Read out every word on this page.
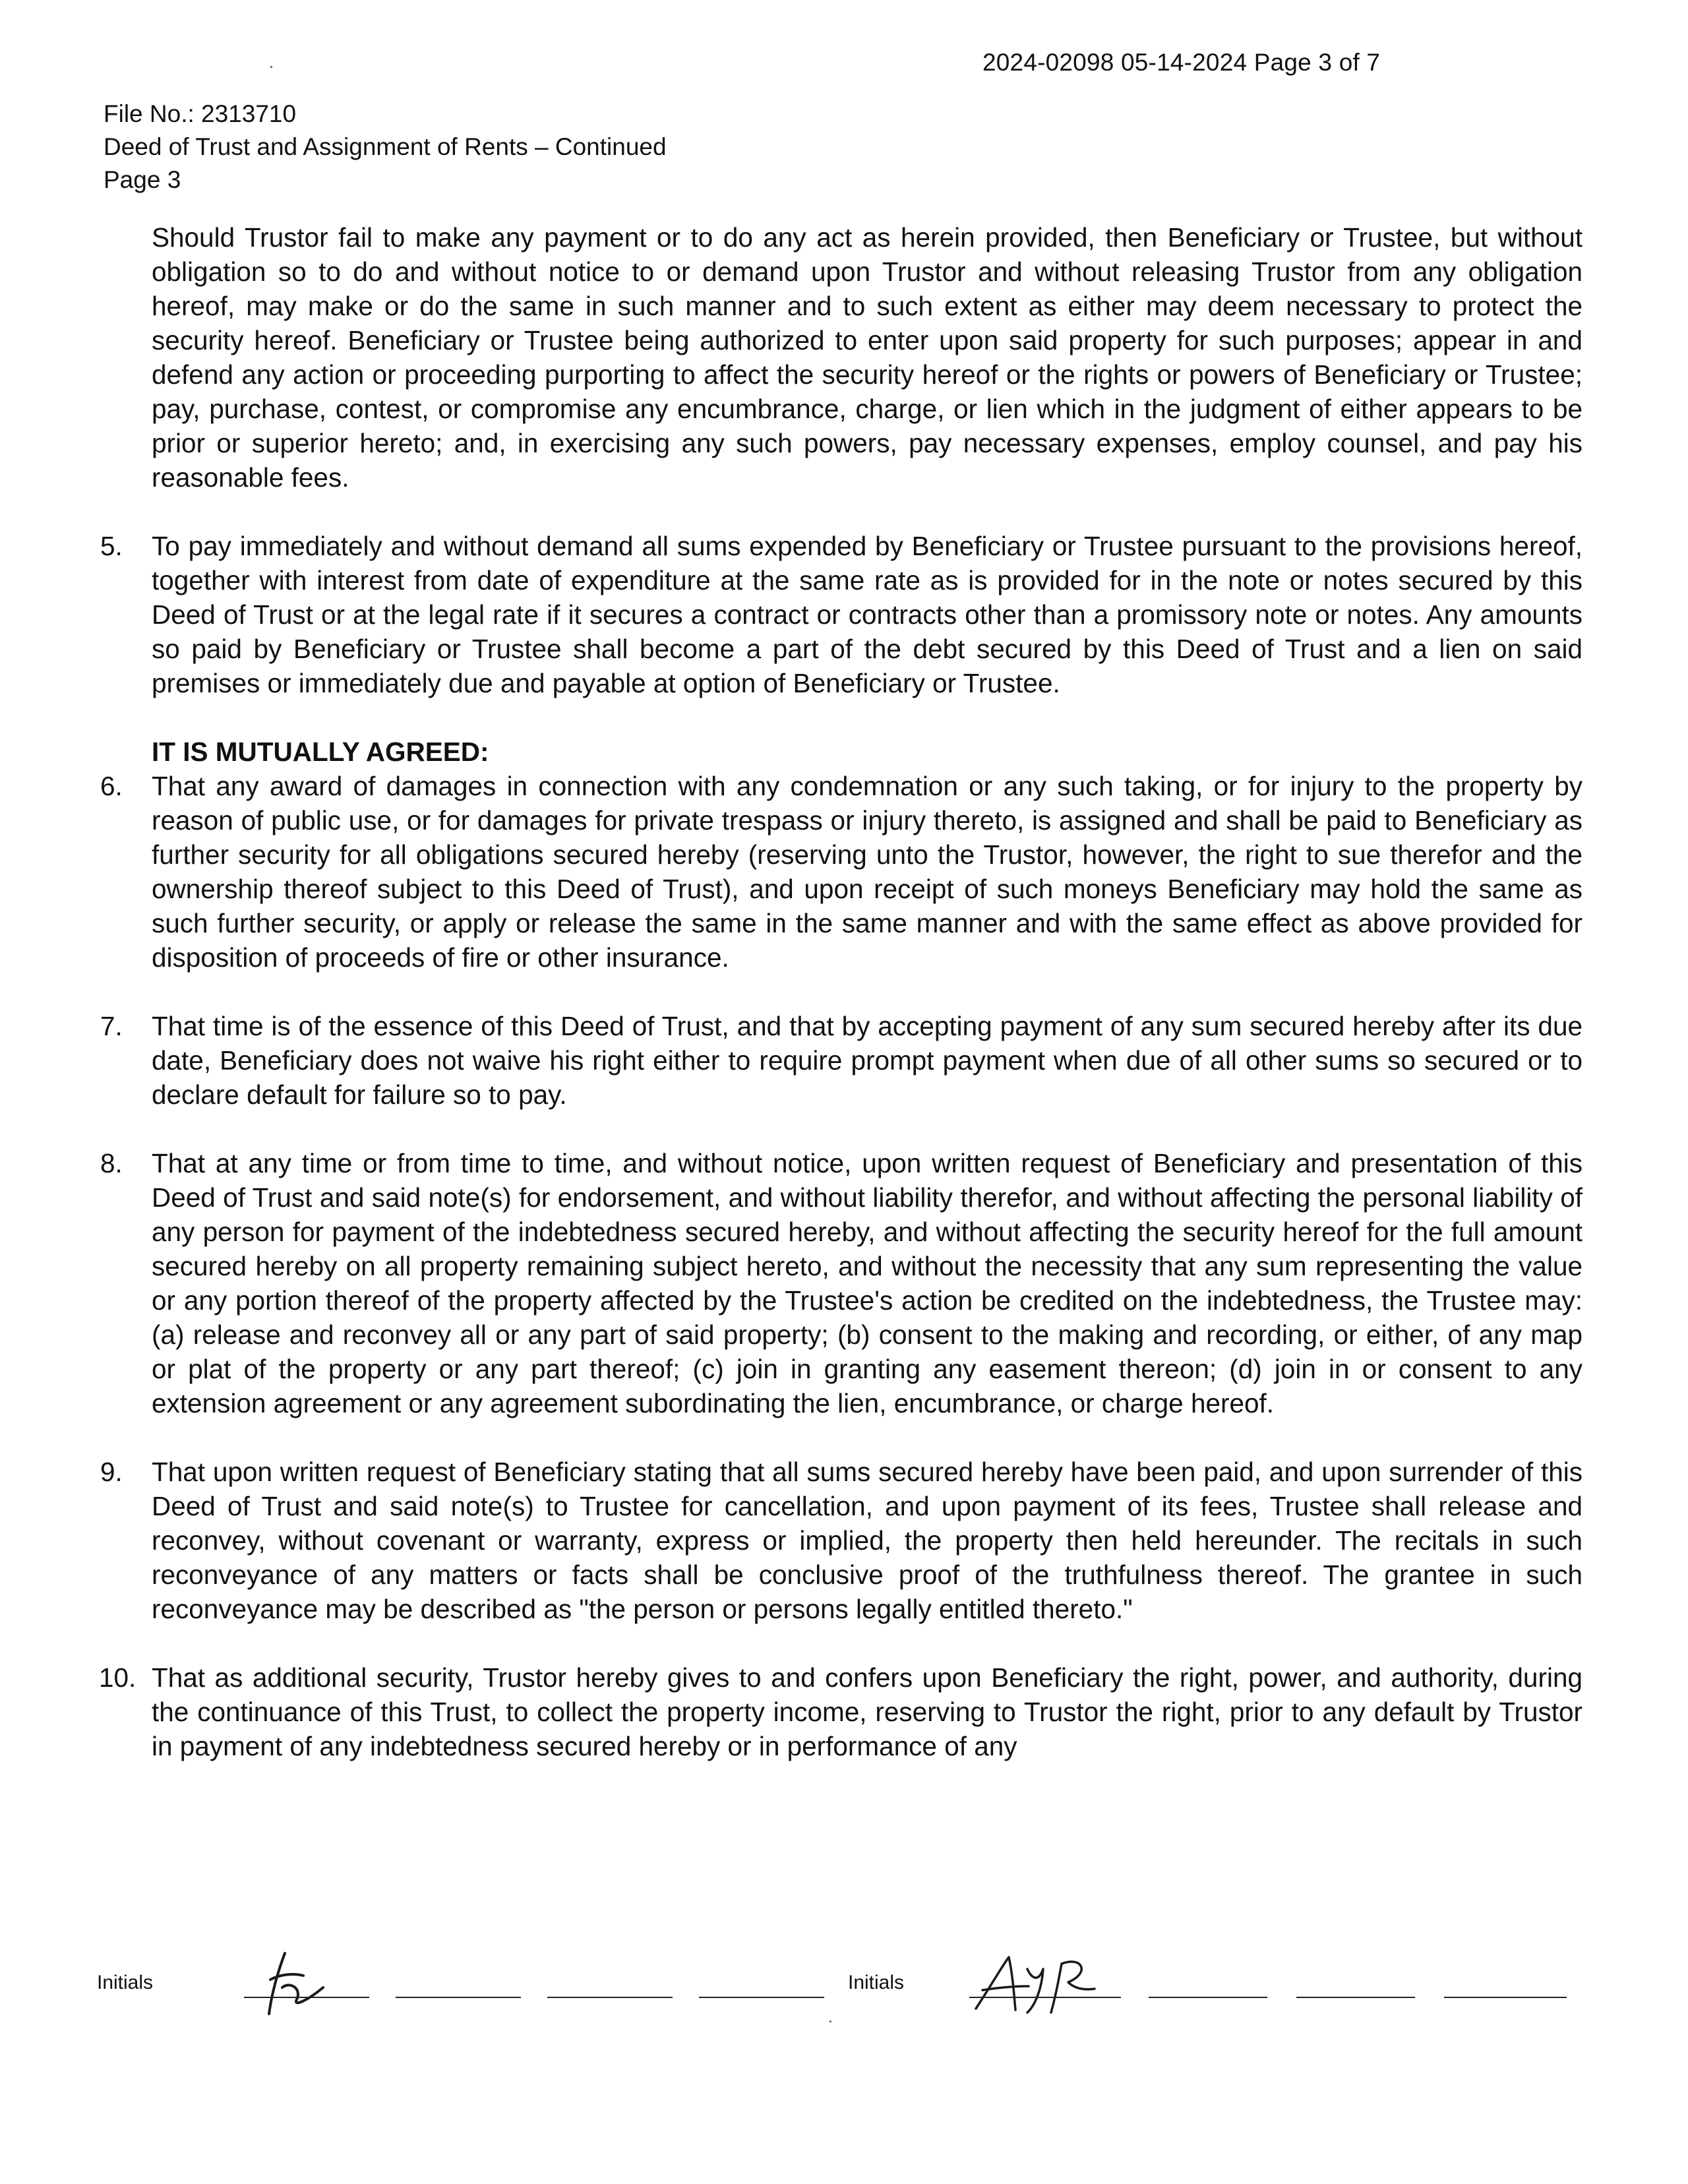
2024-02098 05-14-2024 Page 3 of 7
File No.: 2313710
Deed of Trust and Assignment of Rents – Continued
Page 3

Should Trustor fail to make any payment or to do any act as herein provided, then Beneficiary or Trustee, but without obligation so to do and without notice to or demand upon Trustor and without releasing Trustor from any obligation hereof, may make or do the same in such manner and to such extent as either may deem necessary to protect the security hereof. Beneficiary or Trustee being authorized to enter upon said property for such purposes; appear in and defend any action or proceeding purporting to affect the security hereof or the rights or powers of Beneficiary or Trustee; pay, purchase, contest, or compromise any encumbrance, charge, or lien which in the judgment of either appears to be prior or superior hereto; and, in exercising any such powers, pay necessary expenses, employ counsel, and pay his reasonable fees.

5. To pay immediately and without demand all sums expended by Beneficiary or Trustee pursuant to the provisions hereof, together with interest from date of expenditure at the same rate as is provided for in the note or notes secured by this Deed of Trust or at the legal rate if it secures a contract or contracts other than a promissory note or notes. Any amounts so paid by Beneficiary or Trustee shall become a part of the debt secured by this Deed of Trust and a lien on said premises or immediately due and payable at option of Beneficiary or Trustee.

IT IS MUTUALLY AGREED:

6. That any award of damages in connection with any condemnation or any such taking, or for injury to the property by reason of public use, or for damages for private trespass or injury thereto, is assigned and shall be paid to Beneficiary as further security for all obligations secured hereby (reserving unto the Trustor, however, the right to sue therefor and the ownership thereof subject to this Deed of Trust), and upon receipt of such moneys Beneficiary may hold the same as such further security, or apply or release the same in the same manner and with the same effect as above provided for disposition of proceeds of fire or other insurance.

7. That time is of the essence of this Deed of Trust, and that by accepting payment of any sum secured hereby after its due date, Beneficiary does not waive his right either to require prompt payment when due of all other sums so secured or to declare default for failure so to pay.

8. That at any time or from time to time, and without notice, upon written request of Beneficiary and presentation of this Deed of Trust and said note(s) for endorsement, and without liability therefor, and without affecting the personal liability of any person for payment of the indebtedness secured hereby, and without affecting the security hereof for the full amount secured hereby on all property remaining subject hereto, and without the necessity that any sum representing the value or any portion thereof of the property affected by the Trustee's action be credited on the indebtedness, the Trustee may: (a) release and reconvey all or any part of said property; (b) consent to the making and recording, or either, of any map or plat of the property or any part thereof; (c) join in granting any easement thereon; (d) join in or consent to any extension agreement or any agreement subordinating the lien, encumbrance, or charge hereof.

9. That upon written request of Beneficiary stating that all sums secured hereby have been paid, and upon surrender of this Deed of Trust and said note(s) to Trustee for cancellation, and upon payment of its fees, Trustee shall release and reconvey, without covenant or warranty, express or implied, the property then held hereunder. The recitals in such reconveyance of any matters or facts shall be conclusive proof of the truthfulness thereof. The grantee in such reconveyance may be described as "the person or persons legally entitled thereto."

10. That as additional security, Trustor hereby gives to and confers upon Beneficiary the right, power, and authority, during the continuance of this Trust, to collect the property income, reserving to Trustor the right, prior to any default by Trustor in payment of any indebtedness secured hereby or in performance of any

Initials	Initials
